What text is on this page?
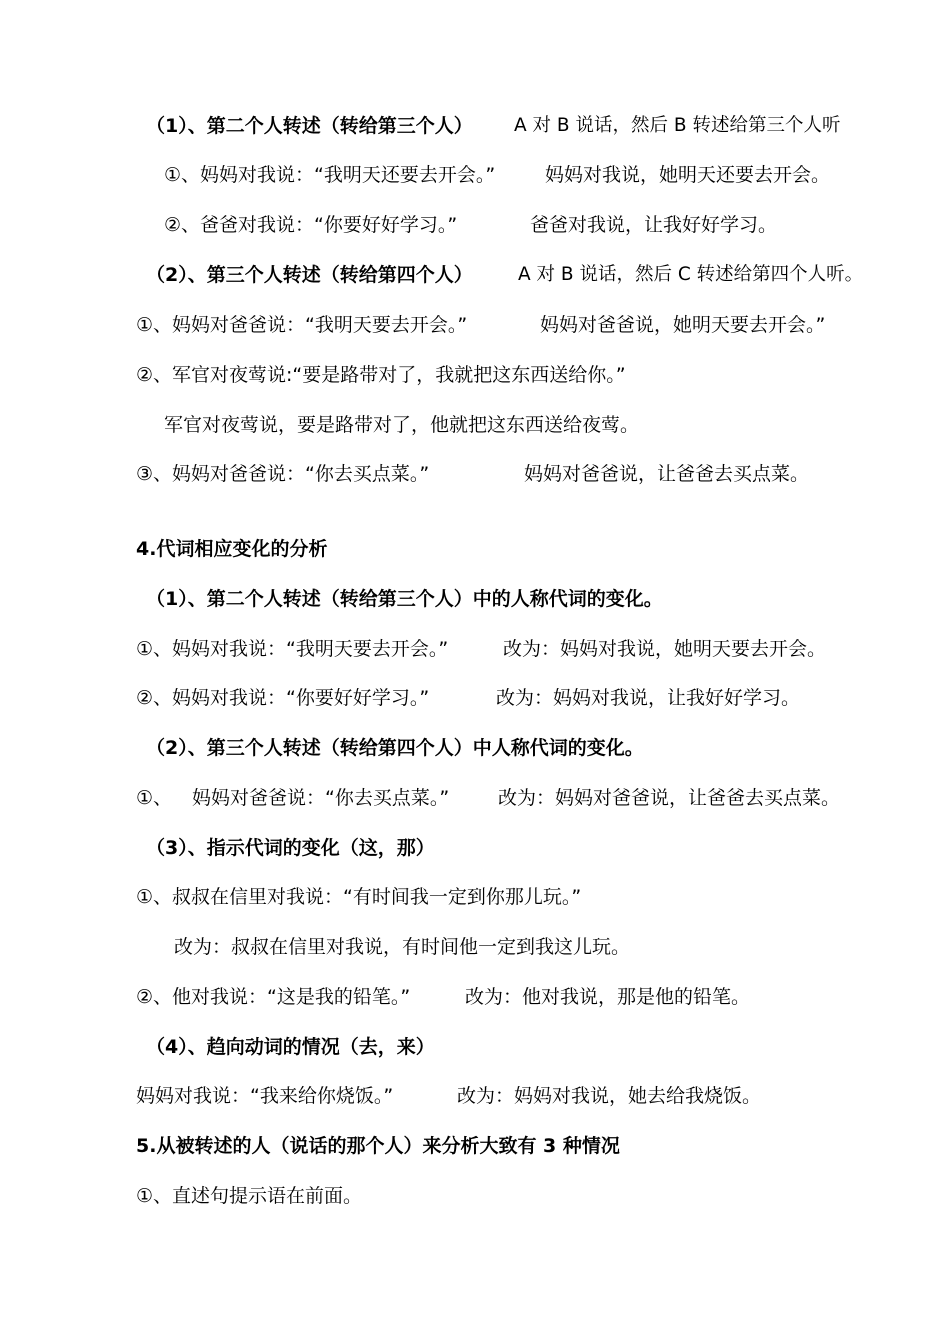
（1）、第二个人转述（转给第三个人） A 对 B 说话，然后 B 转述给第三个人听
①、妈妈对我说：“我明天还要去开会。”	妈妈对我说，她明天还要去开会。
②、爸爸对我说：“你要好好学习。”	爸爸对我说，让我好好学习。
（2）、第三个人转述（转给第四个人） A 对 B 说话，然后 C 转述给第四个人听。
①、妈妈对爸爸说：“我明天要去开会。”	妈妈对爸爸说，她明天要去开会。”
②、军官对夜莺说:“要是路带对了，我就把这东西送给你。”
军官对夜莺说，要是路带对了，他就把这东西送给夜莺。
③、妈妈对爸爸说：“你去买点菜。”	妈妈对爸爸说，让爸爸去买点菜。
4.代词相应变化的分析
（1）、第二个人转述（转给第三个人）中的人称代词的变化。
①、妈妈对我说：“我明天要去开会。”	改为：妈妈对我说，她明天要去开会。
②、妈妈对我说：“你要好好学习。”	改为：妈妈对我说，让我好好学习。
（2）、第三个人转述（转给第四个人）中人称代词的变化。
①、 妈妈对爸爸说：“你去买点菜。”	改为：妈妈对爸爸说，让爸爸去买点菜。
（3）、指示代词的变化（这，那）
①、叔叔在信里对我说：“有时间我一定到你那儿玩。”
改为：叔叔在信里对我说，有时间他一定到我这儿玩。
②、他对我说：“这是我的铅笔。”	改为：他对我说，那是他的铅笔。
（4）、趋向动词的情况（去，来）
妈妈对我说：“我来给你烧饭。”	改为：妈妈对我说，她去给我烧饭。
5.从被转述的人（说话的那个人）来分析大致有 3 种情况
①、直述句提示语在前面。
